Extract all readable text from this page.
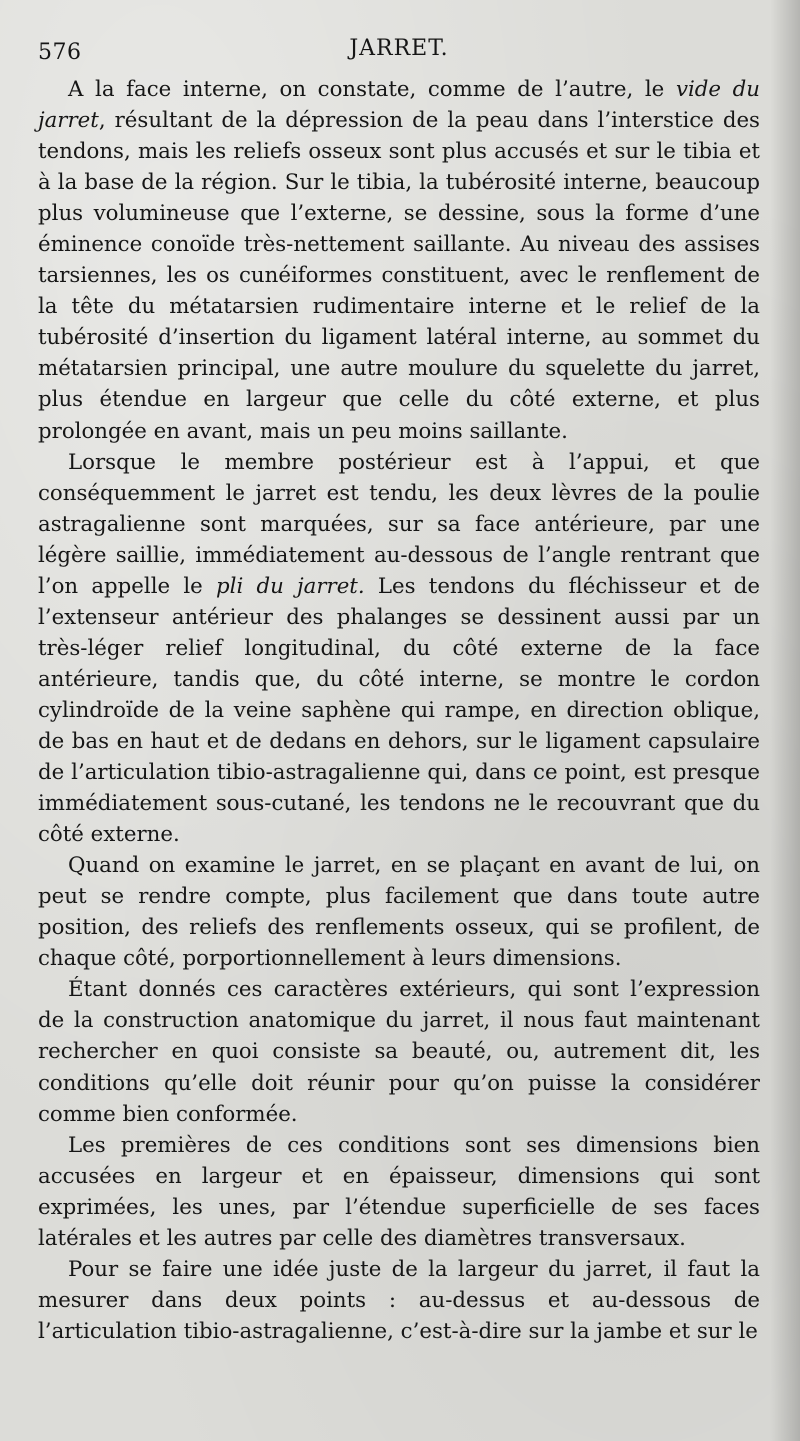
576	JARRET.

A la face interne, on constate, comme de l’autre, le vide du jarret, résultant de la dépression de la peau dans l’interstice des tendons, mais les reliefs osseux sont plus accusés et sur le tibia et à la base de la région. Sur le tibia, la tubérosité interne, beaucoup plus volumineuse que l’externe, se dessine, sous la forme d’une éminence conoïde très-nettement saillante. Au niveau des assises tarsiennes, les os cunéiformes constituent, avec le renflement de la tête du métatarsien rudimentaire interne et le relief de la tubérosité d’insertion du ligament latéral interne, au sommet du métatarsien principal, une autre moulure du squelette du jarret, plus étendue en largeur que celle du côté externe, et plus prolongée en avant, mais un peu moins saillante.

Lorsque le membre postérieur est à l’appui, et que conséquemment le jarret est tendu, les deux lèvres de la poulie astragalienne sont marquées, sur sa face antérieure, par une légère saillie, immédiatement au-dessous de l’angle rentrant que l’on appelle le pli du jarret. Les tendons du fléchisseur et de l’extenseur antérieur des phalanges se dessinent aussi par un très-léger relief longitudinal, du côté externe de la face antérieure, tandis que, du côté interne, se montre le cordon cylindroïde de la veine saphène qui rampe, en direction oblique, de bas en haut et de dedans en dehors, sur le ligament capsulaire de l’articulation tibio-astragalienne qui, dans ce point, est presque immédiatement sous-cutané, les tendons ne le recouvrant que du côté externe.

Quand on examine le jarret, en se plaçant en avant de lui, on peut se rendre compte, plus facilement que dans toute autre position, des reliefs des renflements osseux, qui se profilent, de chaque côté, porportionnellement à leurs dimensions.

Étant donnés ces caractères extérieurs, qui sont l’expression de la construction anatomique du jarret, il nous faut maintenant rechercher en quoi consiste sa beauté, ou, autrement dit, les conditions qu’elle doit réunir pour qu’on puisse la considérer comme bien conformée.

Les premières de ces conditions sont ses dimensions bien accusées en largeur et en épaisseur, dimensions qui sont exprimées, les unes, par l’étendue superficielle de ses faces latérales et les autres par celle des diamètres transversaux.

Pour se faire une idée juste de la largeur du jarret, il faut la mesurer dans deux points : au-dessus et au-dessous de l’articulation tibio-astragalienne, c’est-à-dire sur la jambe et sur le
